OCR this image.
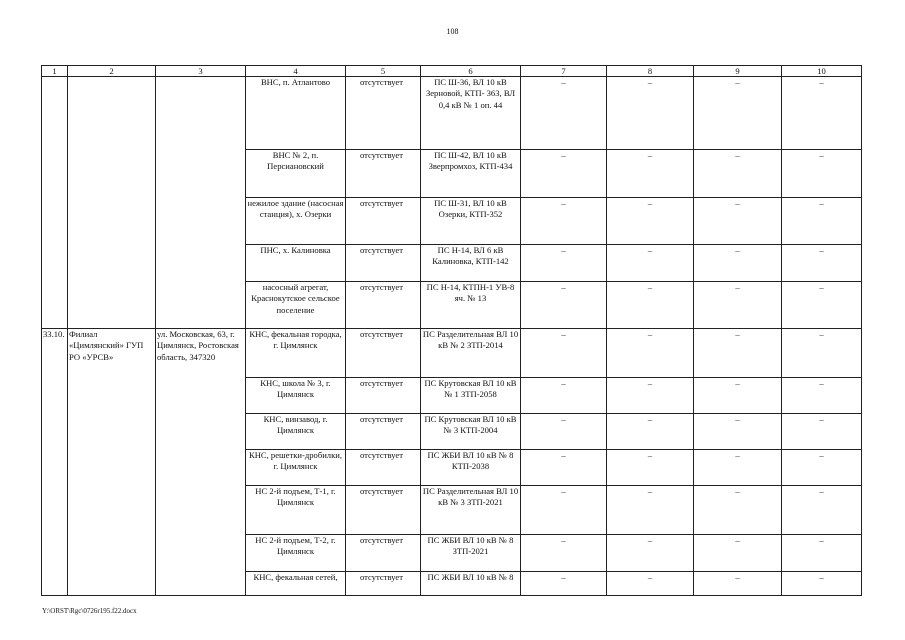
108
1	2	3	4	5	6	7	8	9	10
			ВНС, п. Атлантово	отсутствует	ПС Ш-36, ВЛ 10 кВ Зерновой, КТП- 363, ВЛ 0,4 кВ № 1 оп. 44	–	–	–	–
			ВНС № 2, п. Персиановский	отсутствует	ПС Ш-42, ВЛ 10 кВ Зверпромхоз, КТП-434	–	–	–	–
			нежилое здание (насосная станция), х. Озерки	отсутствует	ПС Ш-31, ВЛ 10 кВ Озерки, КТП-352	–	–	–	–
			ПНС, х. Калиновка	отсутствует	ПС Н-14, ВЛ 6 кВ Калиновка, КТП-142	–	–	–	–
			насосный агрегат, Краснокутское сельское поселение	отсутствует	ПС Н-14, КТПН-1 УВ-8 яч. № 13	–	–	–	–
33.10.	Филиал «Цимлянский» ГУП РО «УРСВ»	ул. Московская, 63, г. Цимлянск, Ростовская область, 347320	КНС, фекальная городка, г. Цимлянск	отсутствует	ПС Разделительная ВЛ 10 кВ № 2 ЗТП-2014	–	–	–	–
			КНС, школа № 3, г. Цимлянск	отсутствует	ПС Крутовская ВЛ 10 кВ № 1 ЗТП-2058	–	–	–	–
			КНС, винзавод, г. Цимлянск	отсутствует	ПС Крутовская ВЛ 10 кВ № 3 КТП-2004	–	–	–	–
			КНС, решетки-дробилки, г. Цимлянск	отсутствует	ПС ЖБИ ВЛ 10 кВ № 8 КТП-2038	–	–	–	–
			НС 2-й подъем, Т-1, г. Цимлянск	отсутствует	ПС Разделительная ВЛ 10 кВ № 3 ЗТП-2021	–	–	–	–
			НС 2-й подъем, Т-2, г. Цимлянск	отсутствует	ПС ЖБИ ВЛ 10 кВ № 8 ЗТП-2021	–	–	–	–
			КНС, фекальная сетей,	отсутствует	ПС ЖБИ ВЛ 10 кВ № 8	–	–	–	–
Y:\ORST\Rgc\0726r195.f22.docx
